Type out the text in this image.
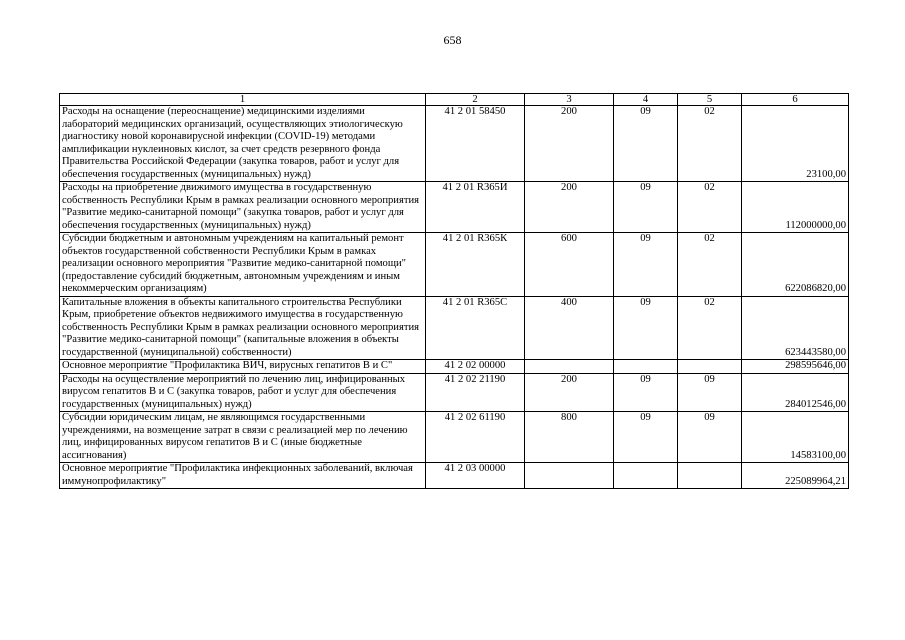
658
1	2	3	4	5	6
Расходы на оснащение (переоснащение) медицинскими изделиями лабораторий медицинских организаций, осуществляющих этиологическую диагностику новой коронавирусной инфекции (COVID-19) методами амплификации нуклеиновых кислот, за счет средств резервного фонда Правительства Российской Федерации (закупка товаров, работ и услуг для обеспечения государственных (муниципальных) нужд)	41 2 01 58450	200	09	02	23100,00
Расходы на приобретение движимого имущества в государственную собственность Республики Крым в рамках реализации основного мероприятия "Развитие медико-санитарной помощи" (закупка товаров, работ и услуг для обеспечения государственных (муниципальных) нужд)	41 2 01 R365И	200	09	02	112000000,00
Субсидии бюджетным и автономным учреждениям на капитальный ремонт объектов государственной собственности Республики Крым в рамках реализации основного мероприятия "Развитие медико-санитарной помощи" (предоставление субсидий бюджетным, автономным учреждениям и иным некоммерческим организациям)	41 2 01 R365К	600	09	02	622086820,00
Капитальные вложения в объекты капитального строительства Республики Крым, приобретение объектов недвижимого имущества в государственную собственность Республики Крым в рамках реализации основного мероприятия "Развитие медико-санитарной помощи" (капитальные вложения в объекты государственной (муниципальной) собственности)	41 2 01 R365С	400	09	02	623443580,00
Основное мероприятие "Профилактика ВИЧ, вирусных гепатитов В и С"	41 2 02 00000				298595646,00
Расходы на осуществление мероприятий по лечению лиц, инфицированных вирусом гепатитов В и С (закупка товаров, работ и услуг для обеспечения государственных (муниципальных) нужд)	41 2 02 21190	200	09	09	284012546,00
Субсидии юридическим лицам, не являющимся государственными учреждениями, на возмещение затрат в связи с реализацией мер по лечению лиц, инфицированных вирусом гепатитов В и С (иные бюджетные ассигнования)	41 2 02 61190	800	09	09	14583100,00
Основное мероприятие "Профилактика инфекционных заболеваний, включая иммунопрофилактику"	41 2 03 00000				225089964,21
